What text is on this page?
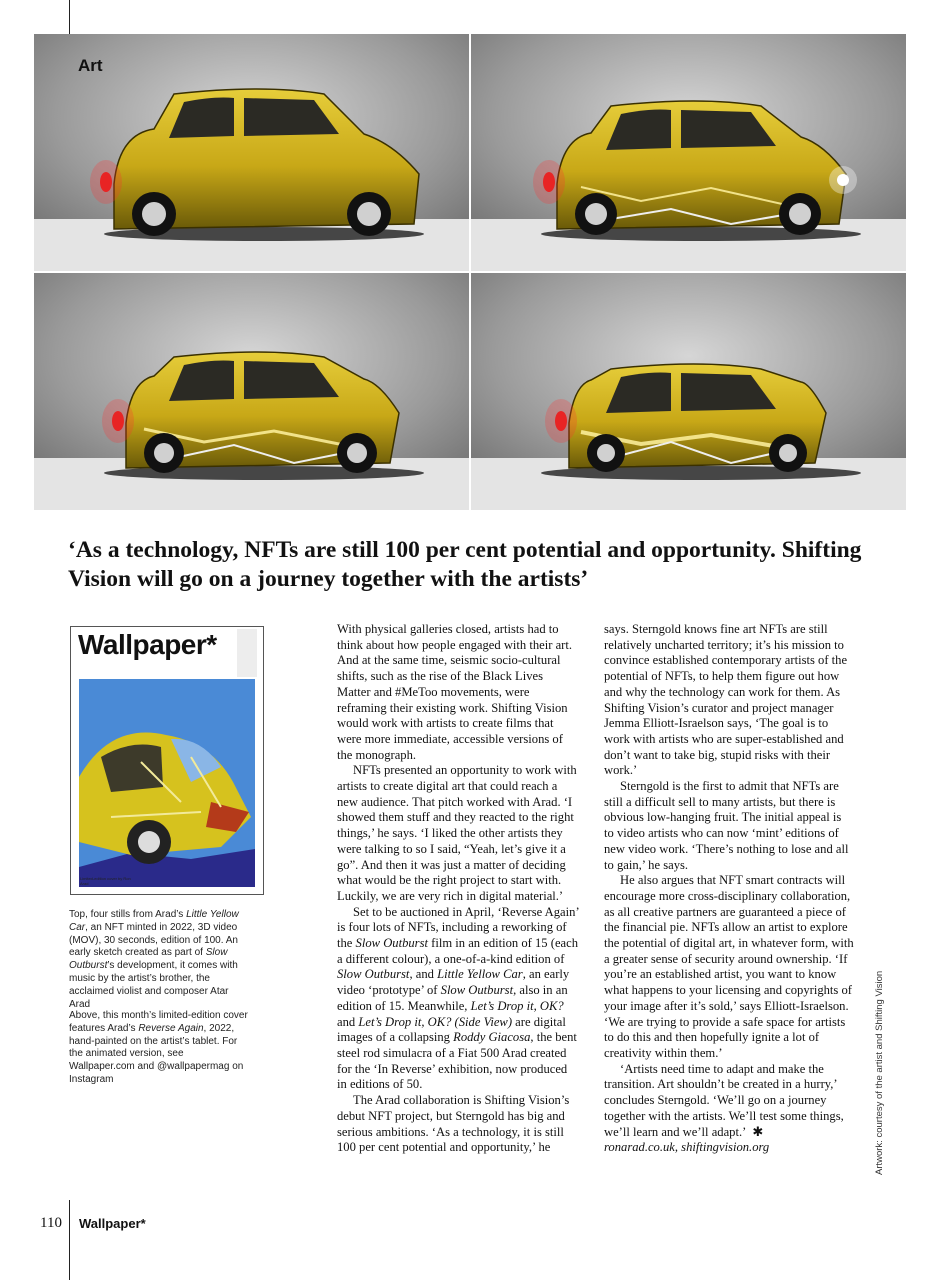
Art
‘As a technology, NFTs are still 100 per cent potential and opportunity. Shifting Vision will go on a journey together with the artists’
Wallpaper*
Limited-edition cover by Ron Arad

Top, four stills from Arad’s Little Yellow Car, an NFT minted in 2022, 3D video (MOV), 30 seconds, edition of 100. An early sketch created as part of Slow Outburst’s development, it comes with music by the artist’s brother, the acclaimed violist and composer Atar Arad

Above, this month’s limited-edition cover features Arad’s Reverse Again, 2022, hand-painted on the artist’s tablet. For the animated version, see Wallpaper.com and @wallpapermag on Instagram

With physical galleries closed, artists had to think about how people engaged with their art. And at the same time, seismic socio-cultural shifts, such as the rise of the Black Lives Matter and #MeToo movements, were reframing their existing work. Shifting Vision would work with artists to create films that were more immediate, accessible versions of the monograph.

NFTs presented an opportunity to work with artists to create digital art that could reach a new audience. That pitch worked with Arad. ‘I showed them stuff and they reacted to the right things,’ he says. ‘I liked the other artists they were talking to so I said, “Yeah, let’s give it a go”. And then it was just a matter of deciding what would be the right project to start with. Luckily, we are very rich in digital material.’

Set to be auctioned in April, ‘Reverse Again’ is four lots of NFTs, including a reworking of the Slow Outburst film in an edition of 15 (each a different colour), a one-of-a-kind edition of Slow Outburst, and Little Yellow Car, an early video ‘prototype’ of Slow Outburst, also in an edition of 15. Meanwhile, Let’s Drop it, OK? and Let’s Drop it, OK? (Side View) are digital images of a collapsing Roddy Giacosa, the bent steel rod simulacra of a Fiat 500 Arad created for the ‘In Reverse’ exhibition, now produced in editions of 50.

The Arad collaboration is Shifting Vision’s debut NFT project, but Sterngold has big and serious ambitions. ‘As a technology, it is still 100 per cent potential and opportunity,’ he

says. Sterngold knows fine art NFTs are still relatively uncharted territory; it’s his mission to convince established contemporary artists of the potential of NFTs, to help them figure out how and why the technology can work for them. As Shifting Vision’s curator and project manager Jemma Elliott-Israelson says, ‘The goal is to work with artists who are super-established and don’t want to take big, stupid risks with their work.’

Sterngold is the first to admit that NFTs are still a difficult sell to many artists, but there is obvious low-hanging fruit. The initial appeal is to video artists who can now ‘mint’ editions of new video work. ‘There’s nothing to lose and all to gain,’ he says.

He also argues that NFT smart contracts will encourage more cross-disciplinary collaboration, as all creative partners are guaranteed a piece of the financial pie. NFTs allow an artist to explore the potential of digital art, in whatever form, with a greater sense of security around ownership. ‘If you’re an established artist, you want to know what happens to your licensing and copyrights of your image after it’s sold,’ says Elliott-Israelson. ‘We are trying to provide a safe space for artists to do this and then hopefully ignite a lot of creativity within them.’

‘Artists need time to adapt and make the transition. Art shouldn’t be created in a hurry,’ concludes Sterngold. ‘We’ll go on a journey together with the artists. We’ll test some things, we’ll learn and we’ll adapt.’ ✱

ronarad.co.uk, shiftingvision.org	Artwork: courtesy of the artist and Shifting Vision
110 Wallpaper*
